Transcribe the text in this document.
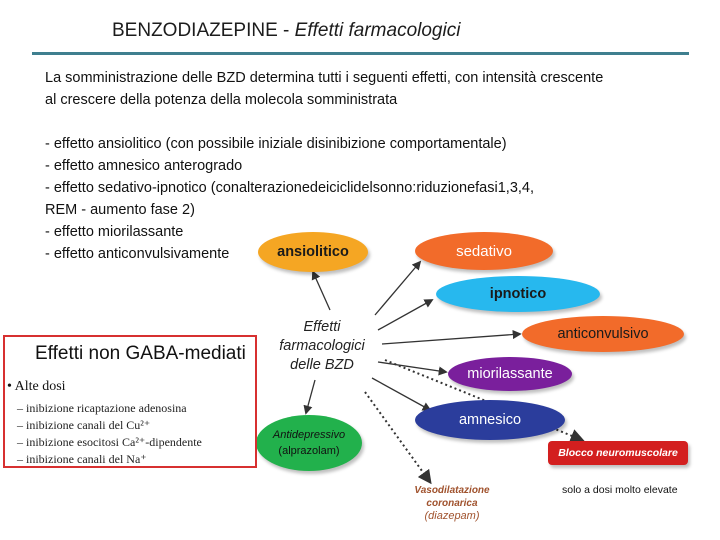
BENZODIAZEPINE - Effetti farmacologici
La somministrazione delle BZD determina tutti i seguenti effetti, con intensità crescente
al crescere della potenza della molecola somministrata
- effetto ansiolitico (con possibile iniziale disinibizione comportamentale)
- effetto amnesico anterogrado
- effetto sedativo-ipnotico (conalterazionedeiciclidelsonno:riduzionefasi1,3,4,
REM - aumento fase 2)
- effetto miorilassante
- effetto anticonvulsivamente	ansiolitico	sedativo
ipnotico
anticonvulsivo
miorilassante
amnesico
Antidepressivo
(alprazolam)	Blocco neuromuscolare
Effetti
farmacologici
delle BZD
Vasodilatazione
coronarica
(diazepam)
solo a dosi molto elevate
Effetti non GABA-mediati
• Alte dosi
– inibizione ricaptazione adenosina
– inibizione canali del Cu²⁺
– inibizione esocitosi Ca²⁺-dipendente
– inibizione canali del Na⁺
